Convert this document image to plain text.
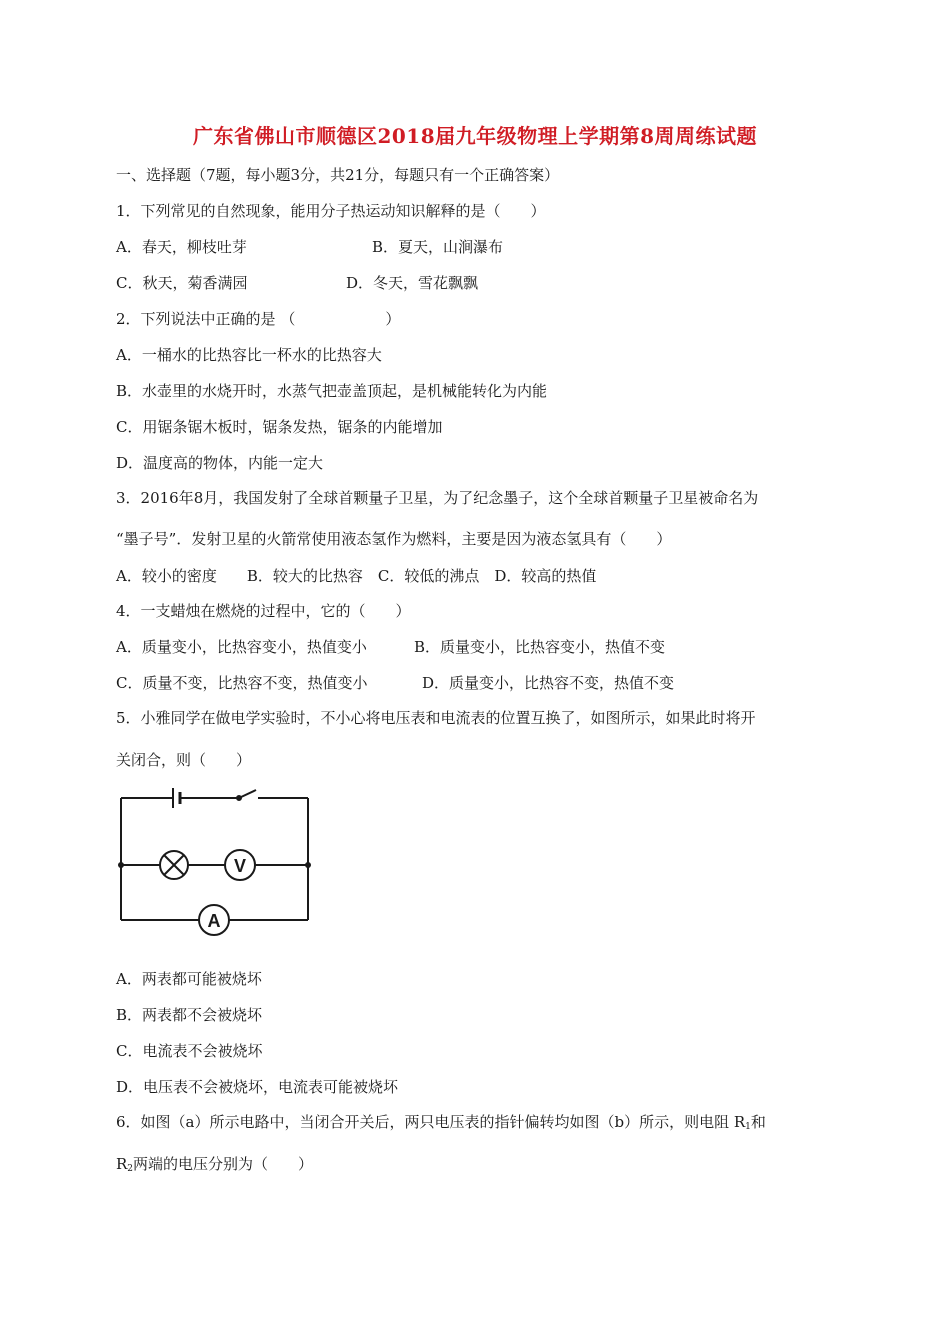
广东省佛山市顺德区2018届九年级物理上学期第8周周练试题
一、选择题（7题，每小题3分，共21分，每题只有一个正确答案）
1．下列常见的自然现象，能用分子热运动知识解释的是（　　）
A．春天，柳枝吐芽	B．夏天，山涧瀑布
C．秋天，菊香满园	D．冬天，雪花飘飘
2．下列说法中正确的是 （　　　　　　）
A．一桶水的比热容比一杯水的比热容大
B．水壶里的水烧开时，水蒸气把壶盖顶起，是机械能转化为内能
C．用锯条锯木板时，锯条发热，锯条的内能增加
D．温度高的物体，内能一定大
3．2016年8月，我国发射了全球首颗量子卫星，为了纪念墨子，这个全球首颗量子卫星被命名为
“墨子号”．发射卫星的火箭常使用液态氢作为燃料，主要是因为液态氢具有（　　）
A．较小的密度　　B．较大的比热容　C．较低的沸点　D．较高的热值
4．一支蜡烛在燃烧的过程中，它的（　　）
A．质量变小，比热容变小，热值变小	B．质量变小，比热容变小，热值不变
C．质量不变，比热容不变，热值变小	D．质量变小，比热容不变，热值不变
5．小雅同学在做电学实验时，不小心将电压表和电流表的位置互换了，如图所示，如果此时将开
关闭合，则（　　）
V
A
A．两表都可能被烧坏
B．两表都不会被烧坏
C．电流表不会被烧坏
D．电压表不会被烧坏，电流表可能被烧坏
6．如图（a）所示电路中，当闭合开关后，两只电压表的指针偏转均如图（b）所示，则电阻 $R_1$和
$R_2$两端的电压分别为（　　）
